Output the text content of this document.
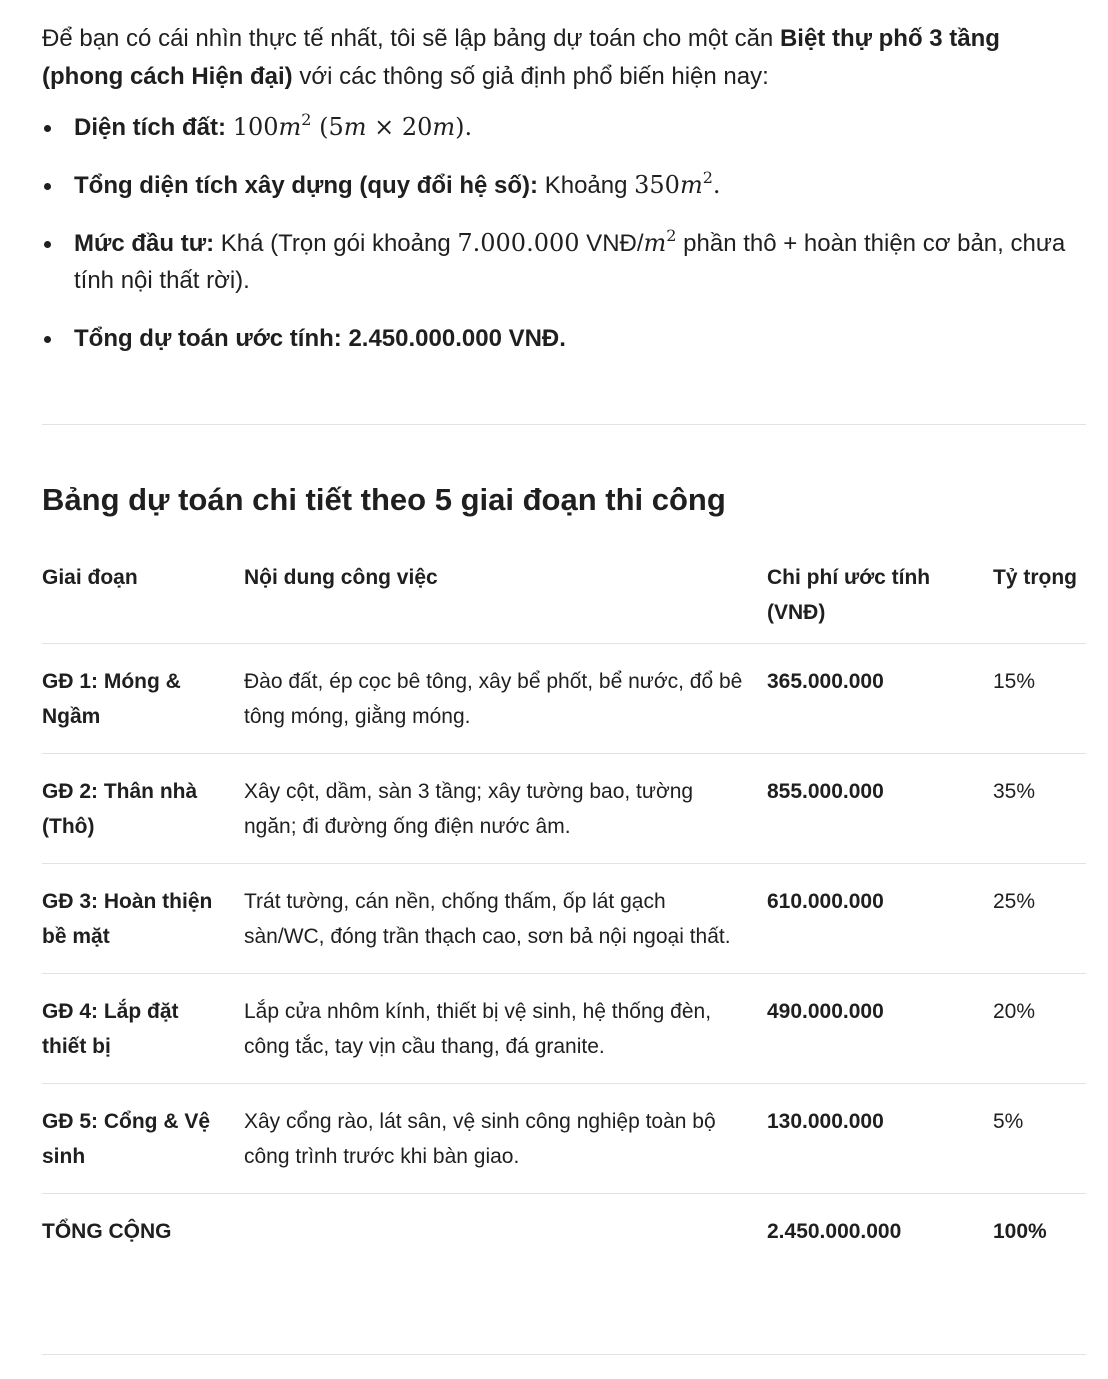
Để bạn có cái nhìn thực tế nhất, tôi sẽ lập bảng dự toán cho một căn Biệt thự phố 3 tầng (phong cách Hiện đại) với các thông số giả định phổ biến hiện nay:

Diện tích đất: $100m^2$ (5m × 20m).
Tổng diện tích xây dựng (quy đổi hệ số): Khoảng $350m^2$.
Mức đầu tư: Khá (Trọn gói khoảng 7.000.000 VNĐ/$m^2$ phần thô + hoàn thiện cơ bản, chưa tính nội thất rời).
Tổng dự toán ước tính: 2.450.000.000 VNĐ.
Bảng dự toán chi tiết theo 5 giai đoạn thi công
Giai đoạn	Nội dung công việc	Chi phí ước tính (VNĐ)	Tỷ trọng
GĐ 1: Móng & Ngầm	Đào đất, ép cọc bê tông, xây bể phốt, bể nước, đổ bê tông móng, giằng móng.	365.000.000	15%
GĐ 2: Thân nhà (Thô)	Xây cột, dầm, sàn 3 tầng; xây tường bao, tường ngăn; đi đường ống điện nước âm.	855.000.000	35%
GĐ 3: Hoàn thiện bề mặt	Trát tường, cán nền, chống thấm, ốp lát gạch sàn/WC, đóng trần thạch cao, sơn bả nội ngoại thất.	610.000.000	25%
GĐ 4: Lắp đặt thiết bị	Lắp cửa nhôm kính, thiết bị vệ sinh, hệ thống đèn, công tắc, tay vịn cầu thang, đá granite.	490.000.000	20%
GĐ 5: Cổng & Vệ sinh	Xây cổng rào, lát sân, vệ sinh công nghiệp toàn bộ công trình trước khi bàn giao.	130.000.000	5%
TỔNG CỘNG		2.450.000.000	100%
